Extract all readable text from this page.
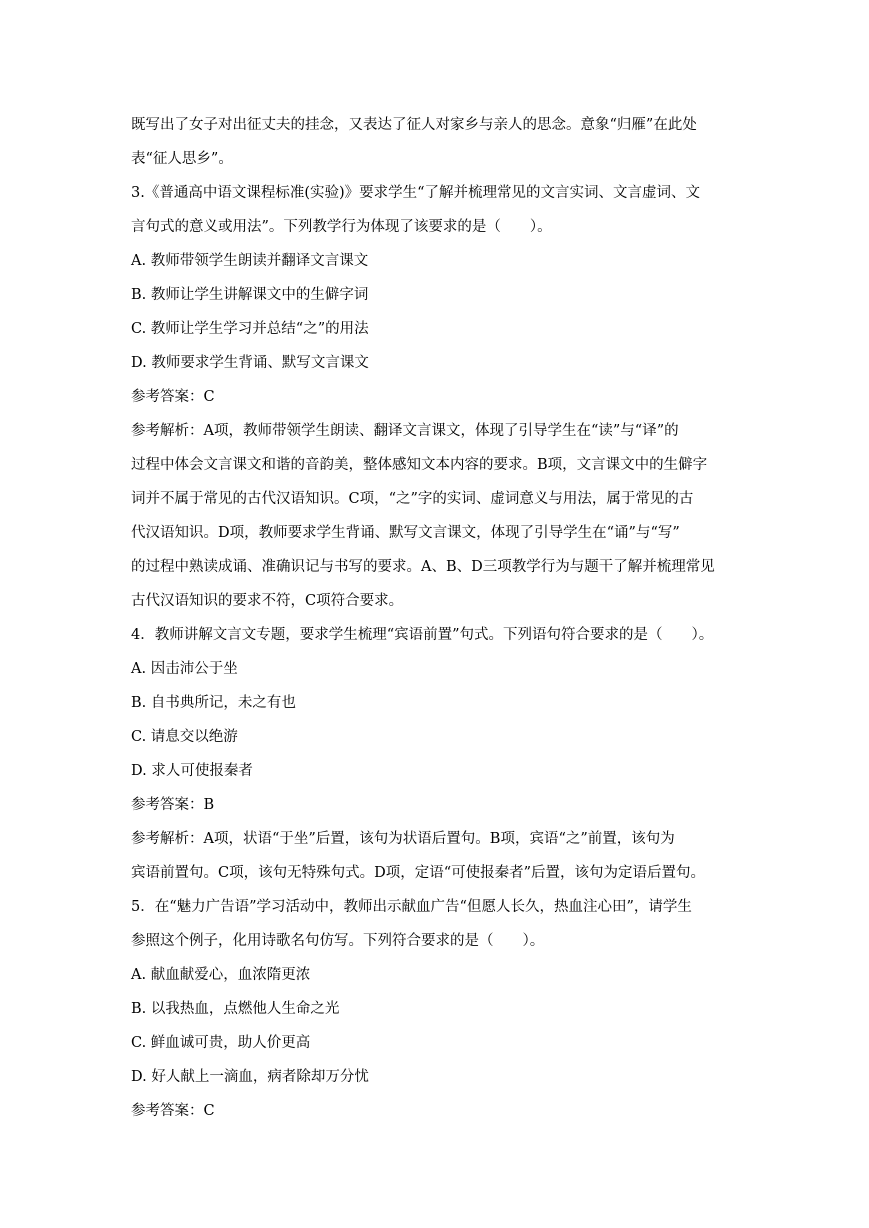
既写出了女子对出征丈夫的挂念，又表达了征人对家乡与亲人的思念。意象“归雁”在此处

表“征人思乡”。

3.《普通高中语文课程标准(实验)》要求学生“了解并梳理常见的文言实词、文言虚词、文

言句式的意义或用法”。下列教学行为体现了该要求的是（　　）。

A. 教师带领学生朗读并翻译文言课文

B. 教师让学生讲解课文中的生僻字词

C. 教师让学生学习并总结“之”的用法

D. 教师要求学生背诵、默写文言课文

参考答案：C

参考解析：A项，教师带领学生朗读、翻译文言课文，体现了引导学生在“读”与“译”的

过程中体会文言课文和谐的音韵美，整体感知文本内容的要求。B项，文言课文中的生僻字

词并不属于常见的古代汉语知识。C项，“之”字的实词、虚词意义与用法，属于常见的古

代汉语知识。D项，教师要求学生背诵、默写文言课文，体现了引导学生在“诵”与“写”

的过程中熟读成诵、准确识记与书写的要求。A、B、D三项教学行为与题干了解并梳理常见

古代汉语知识的要求不符，C项符合要求。

4．教师讲解文言文专题，要求学生梳理“宾语前置”句式。下列语句符合要求的是（　　）。

A. 因击沛公于坐

B. 自书典所记，未之有也

C. 请息交以绝游

D. 求人可使报秦者

参考答案：B

参考解析：A项，状语“于坐”后置，该句为状语后置句。B项，宾语“之”前置，该句为

宾语前置句。C项，该句无特殊句式。D项，定语“可使报秦者”后置，该句为定语后置句。

5．在“魅力广告语”学习活动中，教师出示献血广告“但愿人长久，热血注心田”，请学生

参照这个例子，化用诗歌名句仿写。下列符合要求的是（　　）。

A. 献血献爱心，血浓隋更浓

B. 以我热血，点燃他人生命之光

C. 鲜血诚可贵，助人价更高

D. 好人献上一滴血，病者除却万分忧

参考答案：C
